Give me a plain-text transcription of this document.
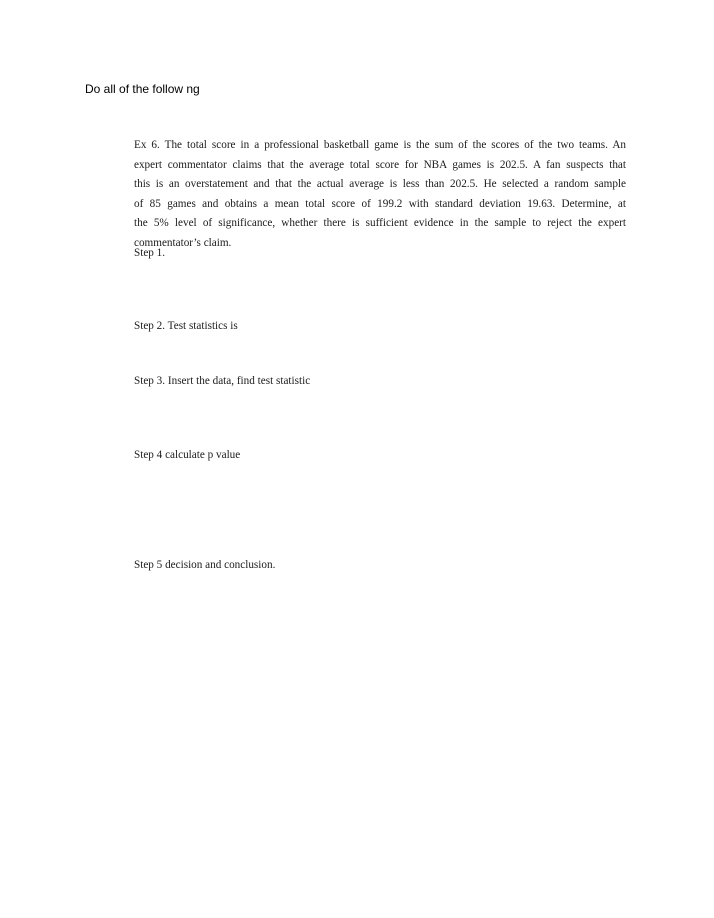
Do all of the follow ng
Ex 6. The total score in a professional basketball game is the sum of the scores of the two teams. An
expert commentator claims that the average total score for NBA games is 202.5. A fan suspects that
this is an overstatement and that the actual average is less than 202.5. He selected a random sample
of 85 games and obtains a mean total score of 199.2 with standard deviation 19.63. Determine, at
the 5% level of significance, whether there is sufficient evidence in the sample to reject the expert
commentator’s claim.
Step 1.
Step 2. Test statistics is
Step 3. Insert the data, find test statistic
Step 4 calculate p value
Step 5 decision and conclusion.
